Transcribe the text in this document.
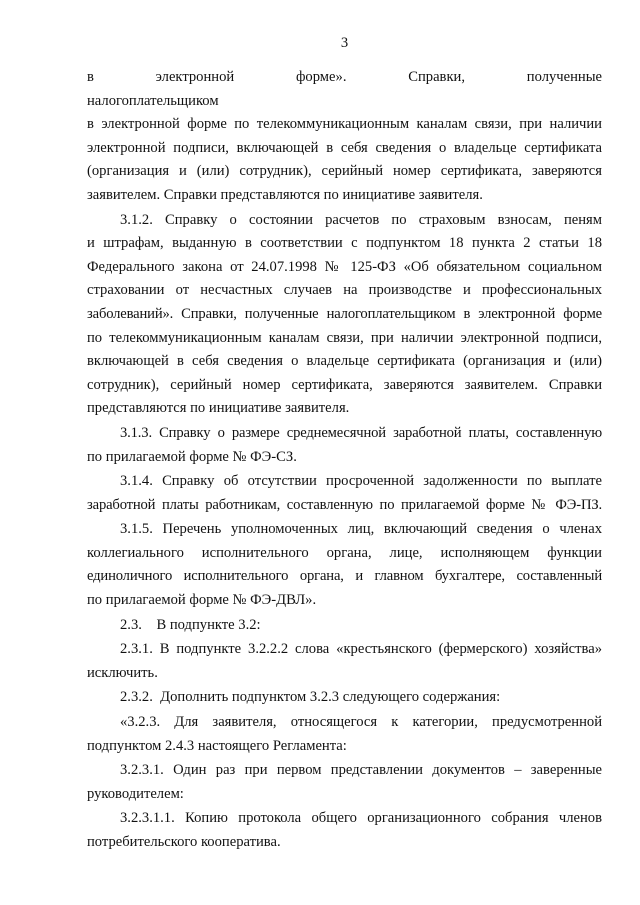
3
в электронной форме». Справки, полученные налогоплательщиком
в электронной форме по телекоммуникационным каналам связи, при наличии
электронной подписи, включающей в себя сведения о владельце сертификата
(организация и (или) сотрудник), серийный номер сертификата, заверяются
заявителем. Справки представляются по инициативе заявителя.
3.1.2. Справку о состоянии расчетов по страховым взносам, пеням
и штрафам, выданную в соответствии с подпунктом 18 пункта 2 статьи 18
Федерального закона от 24.07.1998 № 125-ФЗ «Об обязательном социальном
страховании от несчастных случаев на производстве и профессиональных
заболеваний». Справки, полученные налогоплательщиком в электронной форме
по телекоммуникационным каналам связи, при наличии электронной подписи,
включающей в себя сведения о владельце сертификата (организация и (или)
сотрудник), серийный номер сертификата, заверяются заявителем. Справки
представляются по инициативе заявителя.
3.1.3. Справку о размере среднемесячной заработной платы, составленную
по прилагаемой форме № ФЭ-СЗ.
3.1.4. Справку об отсутствии просроченной задолженности по выплате
заработной платы работникам, составленную по прилагаемой форме № ФЭ-ПЗ.
3.1.5. Перечень уполномоченных лиц, включающий сведения о членах
коллегиального исполнительного органа, лице, исполняющем функции
единоличного исполнительного органа, и главном бухгалтере, составленный
по прилагаемой форме № ФЭ-ДВЛ».
2.3.    В подпункте 3.2:
2.3.1. В подпункте 3.2.2.2 слова «крестьянского (фермерского) хозяйства»
исключить.
2.3.2.  Дополнить подпунктом 3.2.3 следующего содержания:
«3.2.3. Для заявителя, относящегося к категории, предусмотренной
подпунктом 2.4.3 настоящего Регламента:
3.2.3.1. Один раз при первом представлении документов – заверенные
руководителем:
3.2.3.1.1. Копию протокола общего организационного собрания членов
потребительского кооператива.
